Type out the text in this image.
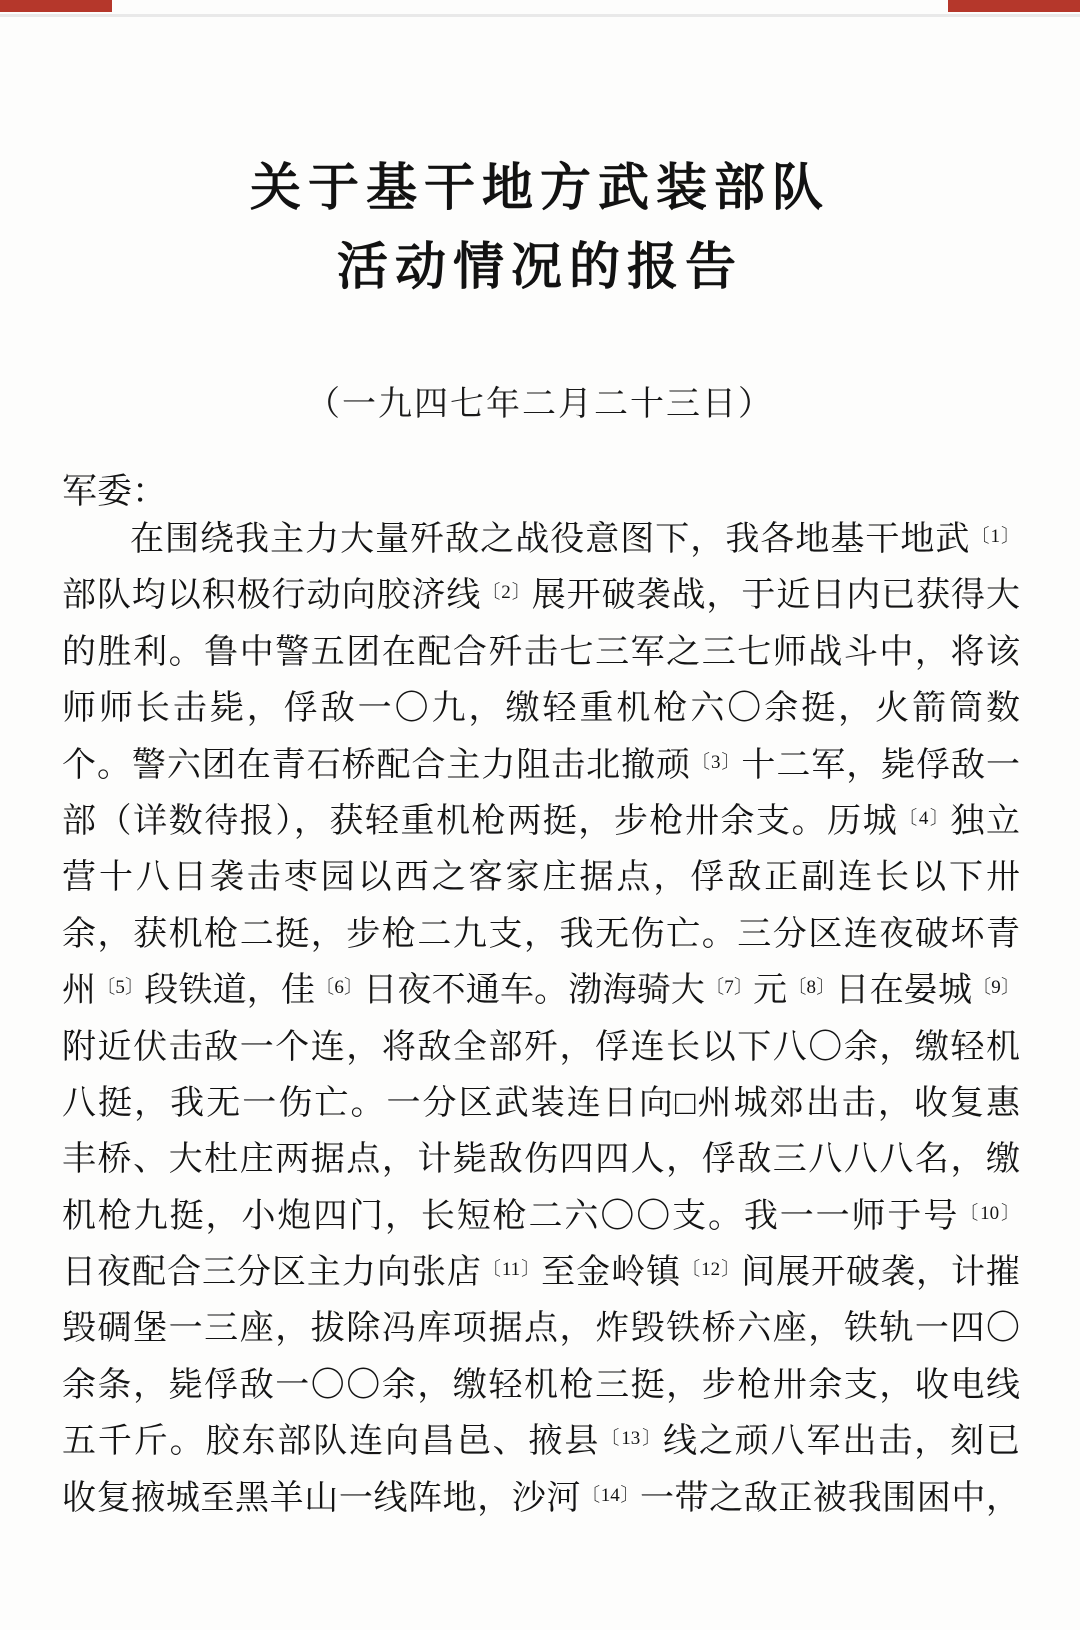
关于基干地方武装部队
活动情况的报告
（一九四七年二月二十三日）
军委：
在围绕我主力大量歼敌之战役意图下，我各地基干地武$^{〔1〕}$
部队均以积极行动向胶济线$^{〔2〕}$展开破袭战，于近日内已获得大
的胜利。鲁中警五团在配合歼击七三军之三七师战斗中，将该
师师长击毙，俘敌一〇九，缴轻重机枪六〇余挺，火箭筒数
个。警六团在青石桥配合主力阻击北撤顽$^{〔3〕}$十二军，毙俘敌一
部（详数待报），获轻重机枪两挺，步枪卅余支。历城$^{〔4〕}$独立
营十八日袭击枣园以西之客家庄据点，俘敌正副连长以下卅
余，获机枪二挺，步枪二九支，我无伤亡。三分区连夜破坏青
州$^{〔5〕}$段铁道，佳$^{〔6〕}$日夜不通车。渤海骑大$^{〔7〕}$元$^{〔8〕}$日在晏城$^{〔9〕}$
附近伏击敌一个连，将敌全部歼，俘连长以下八〇余，缴轻机
八挺，我无一伤亡。一分区武装连日向□州城郊出击，收复惠
丰桥、大杜庄两据点，计毙敌伤四四人，俘敌三八八八名，缴
机枪九挺，小炮四门，长短枪二六〇〇支。我一一师于号$^{〔10〕}$
日夜配合三分区主力向张店$^{〔11〕}$至金岭镇$^{〔12〕}$间展开破袭，计摧
毁碉堡一三座，拔除冯库项据点，炸毁铁桥六座，铁轨一四〇
余条，毙俘敌一〇〇余，缴轻机枪三挺，步枪卅余支，收电线
五千斤。胶东部队连向昌邑、掖县$^{〔13〕}$线之顽八军出击，刻已
收复掖城至黑羊山一线阵地，沙河$^{〔14〕}$一带之敌正被我围困中，
